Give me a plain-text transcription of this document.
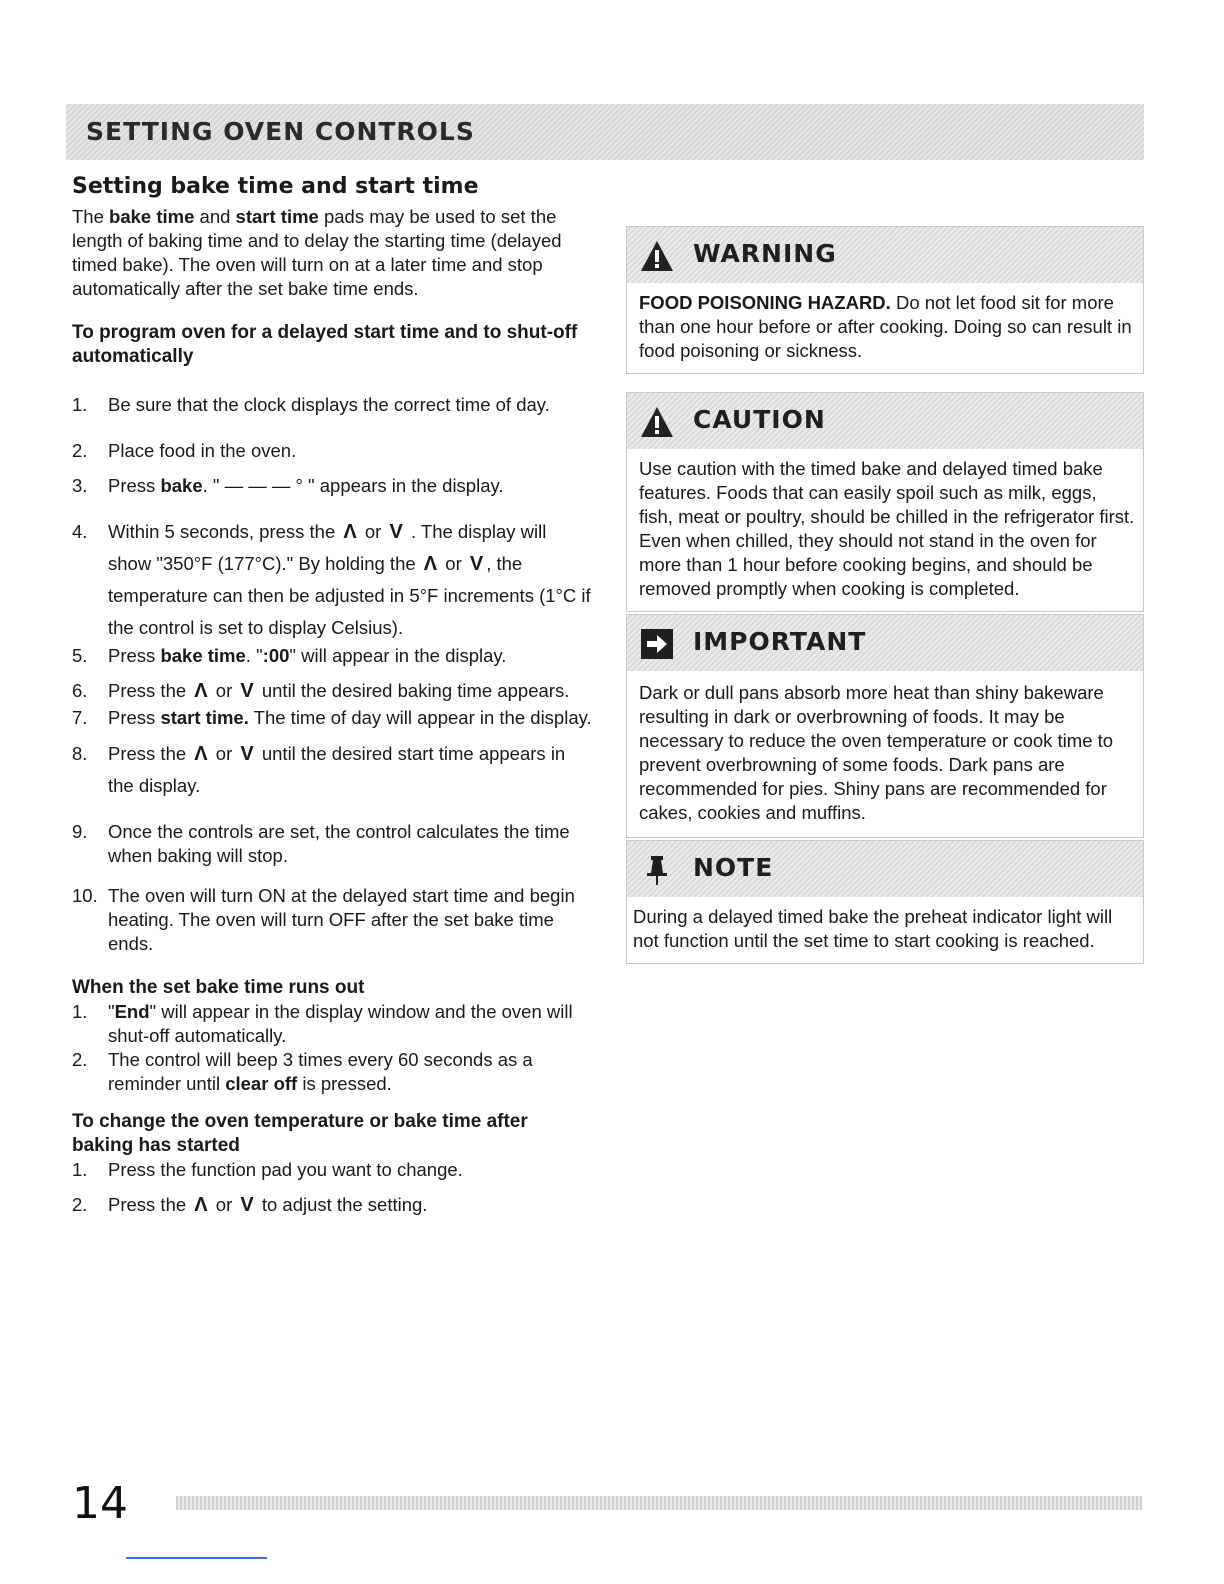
SETTING OVEN CONTROLS
Setting bake time and start time

The bake time and start time pads may be used to set the length of baking time and to delay the starting time (delayed timed bake). The oven will turn on at a later time and stop automatically after the set bake time ends.

To program oven for a delayed start time and to shut-off automatically

1. Be sure that the clock displays the correct time of day.
2. Place food in the oven.
3. Press bake. " — — — ° " appears in the display.
4. Within 5 seconds, press the Λ or V . The display will show "350°F (177°C)." By holding the Λ or V , the temperature can then be adjusted in 5°F increments (1°C if the control is set to display Celsius).
5. Press bake time. ":00" will appear in the display.
6. Press the Λ or V until the desired baking time appears.
7. Press start time. The time of day will appear in the display.
8. Press the Λ or V until the desired start time appears in the display.
9. Once the controls are set, the control calculates the time when baking will stop.
10. The oven will turn ON at the delayed start time and begin heating. The oven will turn OFF after the set bake time ends.

When the set bake time runs out

1. "End" will appear in the display window and the oven will shut-off automatically.
2. The control will beep 3 times every 60 seconds as a reminder until clear off is pressed.

To change the oven temperature or bake time after baking has started

1. Press the function pad you want to change.
2. Press the Λ or V to adjust the setting.
WARNING
FOOD POISONING HAZARD. Do not let food sit for more than one hour before or after cooking. Doing so can result in food poisoning or sickness.
CAUTION
Use caution with the timed bake and delayed timed bake features. Foods that can easily spoil such as milk, eggs, fish, meat or poultry, should be chilled in the refrigerator first. Even when chilled, they should not stand in the oven for more than 1 hour before cooking begins, and should be removed promptly when cooking is completed.
IMPORTANT
Dark or dull pans absorb more heat than shiny bakeware resulting in dark or overbrowning of foods. It may be necessary to reduce the oven temperature or cook time to prevent overbrowning of some foods. Dark pans are recommended for pies. Shiny pans are recommended for cakes, cookies and muffins.
NOTE
During a delayed timed bake the preheat indicator light will not function until the set time to start cooking is reached.
14
